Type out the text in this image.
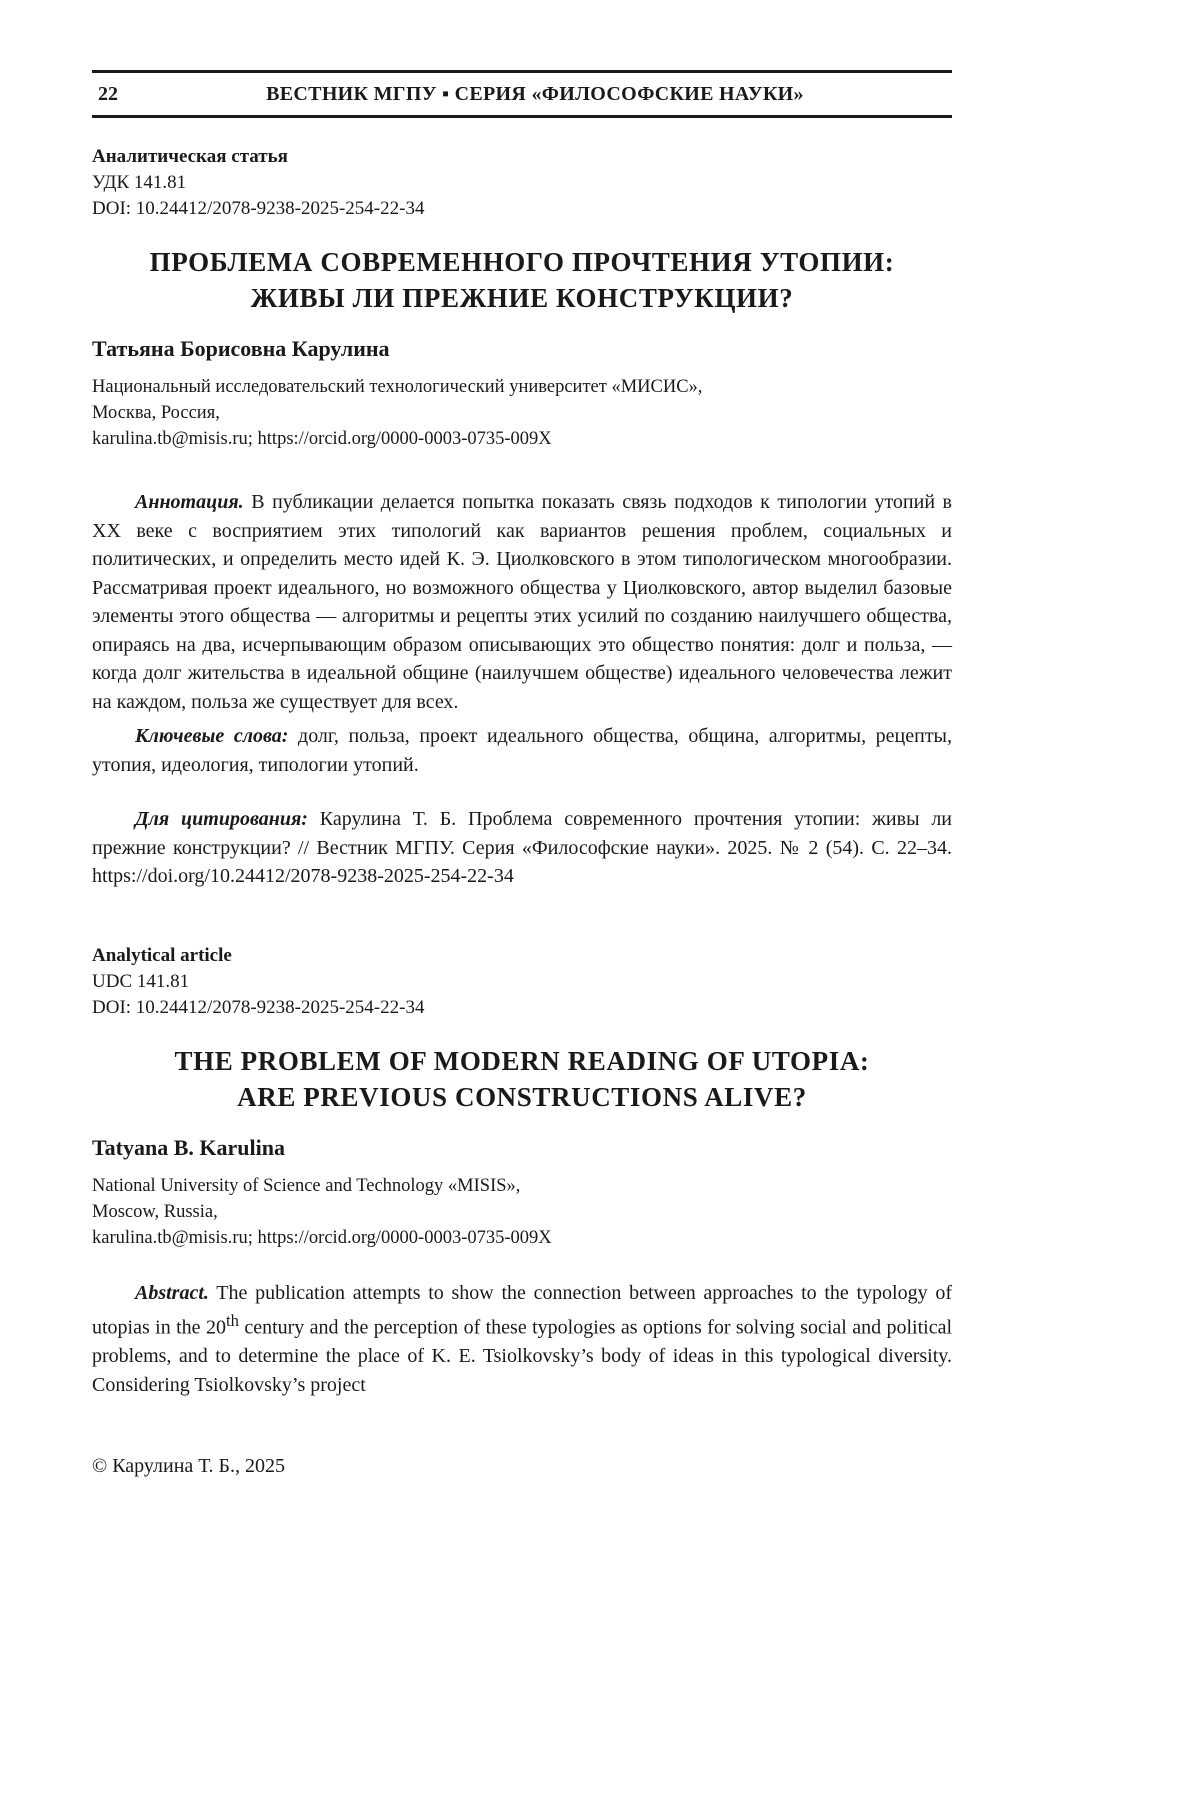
22	ВЕСТНИК МГПУ ▪ СЕРИЯ «ФИЛОСОФСКИЕ НАУКИ»
Аналитическая статья
УДК 141.81
DOI: 10.24412/2078-9238-2025-254-22-34
ПРОБЛЕМА СОВРЕМЕННОГО ПРОЧТЕНИЯ УТОПИИ:
ЖИВЫ ЛИ ПРЕЖНИЕ КОНСТРУКЦИИ?
Татьяна Борисовна Карулина
Национальный исследовательский технологический университет «МИСИС»,
Москва, Россия,
karulina.tb@misis.ru; https://orcid.org/0000-0003-0735-009X

Аннотация. В публикации делается попытка показать связь подходов к типологии утопий в XX веке с восприятием этих типологий как вариантов решения проблем, социальных и политических, и определить место идей К. Э. Циолковского в этом типологическом многообразии. Рассматривая проект идеального, но возможного общества у Циолковского, автор выделил базовые элементы этого общества — алгоритмы и рецепты этих усилий по созданию наилучшего общества, опираясь на два, исчерпывающим образом описывающих это общество понятия: долг и польза, — когда долг жительства в идеальной общине (наилучшем обществе) идеального человечества лежит на каждом, польза же существует для всех.

Ключевые слова: долг, польза, проект идеального общества, община, алгоритмы, рецепты, утопия, идеология, типологии утопий.

Для цитирования: Карулина Т. Б. Проблема современного прочтения утопии: живы ли прежние конструкции? // Вестник МГПУ. Серия «Философские науки». 2025. № 2 (54). С. 22–34. https://doi.org/10.24412/2078-9238-2025-254-22-34

Analytical article
UDC 141.81
DOI: 10.24412/2078-9238-2025-254-22-34
THE PROBLEM OF MODERN READING OF UTOPIA:
ARE PREVIOUS CONSTRUCTIONS ALIVE?
Tatyana B. Karulina
National University of Science and Technology «MISIS»,
Moscow, Russia,
karulina.tb@misis.ru; https://orcid.org/0000-0003-0735-009X

Abstract. The publication attempts to show the connection between approaches to the typology of utopias in the 20th century and the perception of these typologies as options for solving social and political problems, and to determine the place of K. E. Tsiolkovsky’s body of ideas in this typological diversity. Considering Tsiolkovsky’s project

© Карулина Т. Б., 2025
